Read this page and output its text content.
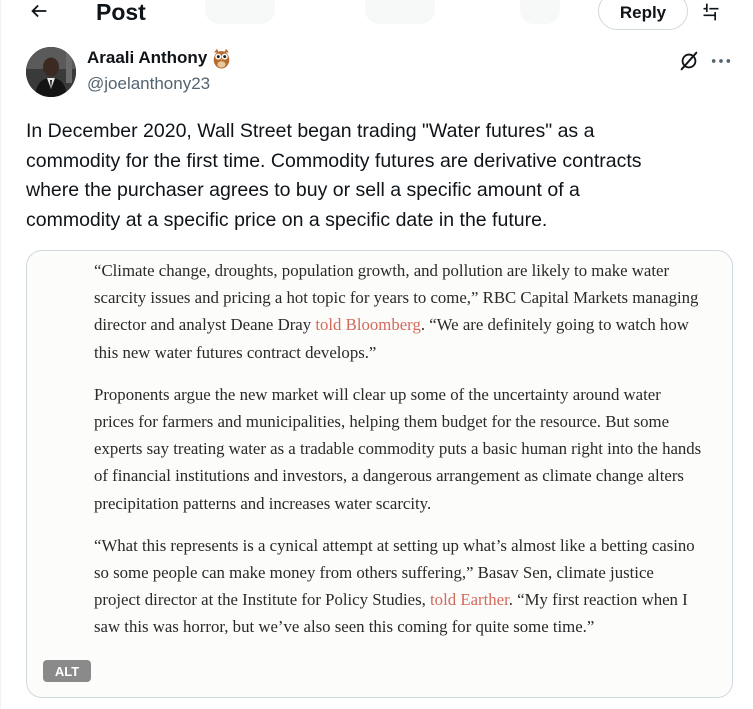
Post	Reply
Araali Anthony
@joelanthony23
In December 2020, Wall Street began trading "Water futures" as a
commodity for the first time. Commodity futures are derivative contracts
where the purchaser agrees to buy or sell a specific amount of a
commodity at a specific price on a specific date in the future.

“Climate change, droughts, population growth, and pollution are likely to make water scarcity issues and pricing a hot topic for years to come,” RBC Capital Markets managing director and analyst Deane Dray told Bloomberg. “We are definitely going to watch how this new water futures contract develops.”

Proponents argue the new market will clear up some of the uncertainty around water prices for farmers and municipalities, helping them budget for the resource. But some experts say treating water as a tradable commodity puts a basic human right into the hands of financial institutions and investors, a dangerous arrangement as climate change alters precipitation patterns and increases water scarcity.

“What this represents is a cynical attempt at setting up what’s almost like a betting casino so some people can make money from others suffering,” Basav Sen, climate justice project director at the Institute for Policy Studies, told Earther. “My first reaction when I saw this was horror, but we’ve also seen this coming for quite some time.”

ALT
